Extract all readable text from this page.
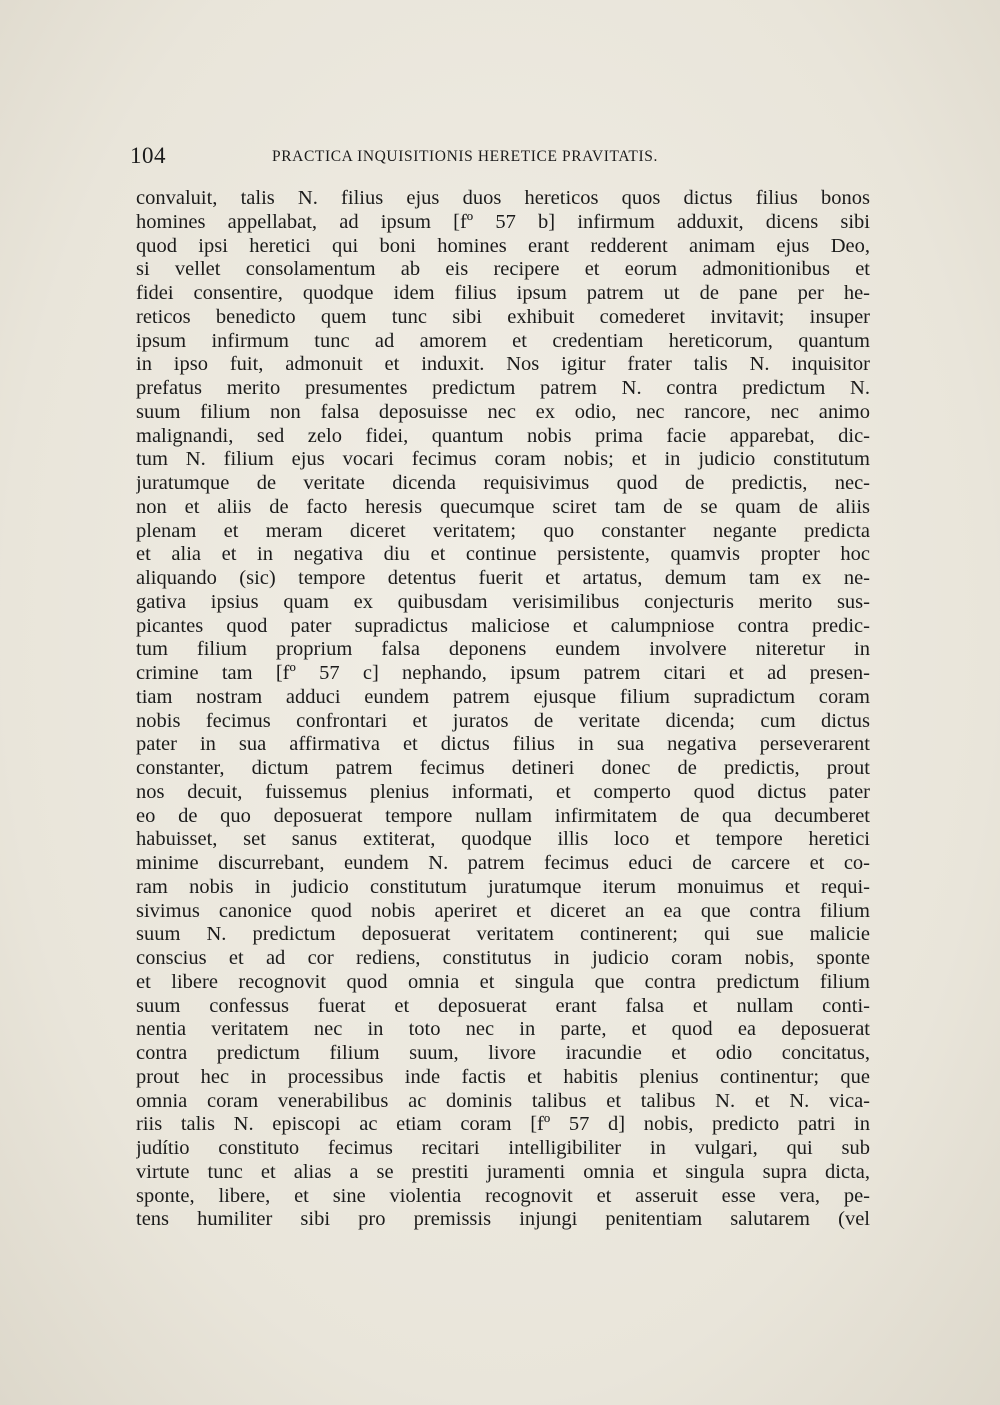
104	PRACTICA INQUISITIONIS HERETICE PRAVITATIS.
convaluit, talis N. filius ejus duos hereticos quos dictus filius bonos
homines appellabat, ad ipsum [fº 57 b] infirmum adduxit, dicens sibi
quod ipsi heretici qui boni homines erant redderent animam ejus Deo,
si vellet consolamentum ab eis recipere et eorum admonitionibus et
fidei consentire, quodque idem filius ipsum patrem ut de pane per he-
reticos benedicto quem tunc sibi exhibuit comederet invitavit; insuper
ipsum infirmum tunc ad amorem et credentiam hereticorum, quantum
in ipso fuit, admonuit et induxit. Nos igitur frater talis N. inquisitor
prefatus merito presumentes predictum patrem N. contra predictum N.
suum filium non falsa deposuisse nec ex odio, nec rancore, nec animo
malignandi, sed zelo fidei, quantum nobis prima facie apparebat, dic-
tum N. filium ejus vocari fecimus coram nobis; et in judicio constitutum
juratumque de veritate dicenda requisivimus quod de predictis, nec-
non et aliis de facto heresis quecumque sciret tam de se quam de aliis
plenam et meram diceret veritatem; quo constanter negante predicta
et alia et in negativa diu et continue persistente, quamvis propter hoc
aliquando (sic) tempore detentus fuerit et artatus, demum tam ex ne-
gativa ipsius quam ex quibusdam verisimilibus conjecturis merito sus-
picantes quod pater supradictus maliciose et calumpniose contra predic-
tum filium proprium falsa deponens eundem involvere niteretur in
crimine tam [fº 57 c] nephando, ipsum patrem citari et ad presen-
tiam nostram adduci eundem patrem ejusque filium supradictum coram
nobis fecimus confrontari et juratos de veritate dicenda; cum dictus
pater in sua affirmativa et dictus filius in sua negativa perseverarent
constanter, dictum patrem fecimus detineri donec de predictis, prout
nos decuit, fuissemus plenius informati, et comperto quod dictus pater
eo de quo deposuerat tempore nullam infirmitatem de qua decumberet
habuisset, set sanus extiterat, quodque illis loco et tempore heretici
minime discurrebant, eundem N. patrem fecimus educi de carcere et co-
ram nobis in judicio constitutum juratumque iterum monuimus et requi-
sivimus canonice quod nobis aperiret et diceret an ea que contra filium
suum N. predictum deposuerat veritatem continerent; qui sue malicie
conscius et ad cor rediens, constitutus in judicio coram nobis, sponte
et libere recognovit quod omnia et singula que contra predictum filium
suum confessus fuerat et deposuerat erant falsa et nullam conti-
nentia veritatem nec in toto nec in parte, et quod ea deposuerat
contra predictum filium suum, livore iracundie et odio concitatus,
prout hec in processibus inde factis et habitis plenius continentur; que
omnia coram venerabilibus ac dominis talibus et talibus N. et N. vica-
riis talis N. episcopi ac etiam coram [fº 57 d] nobis, predicto patri in
judítio constituto fecimus recitari intelligibiliter in vulgari, qui sub
virtute tunc et alias a se prestiti juramenti omnia et singula supra dicta,
sponte, libere, et sine violentia recognovit et asseruit esse vera, pe-
tens humiliter sibi pro premissis injungi penitentiam salutarem (vel
